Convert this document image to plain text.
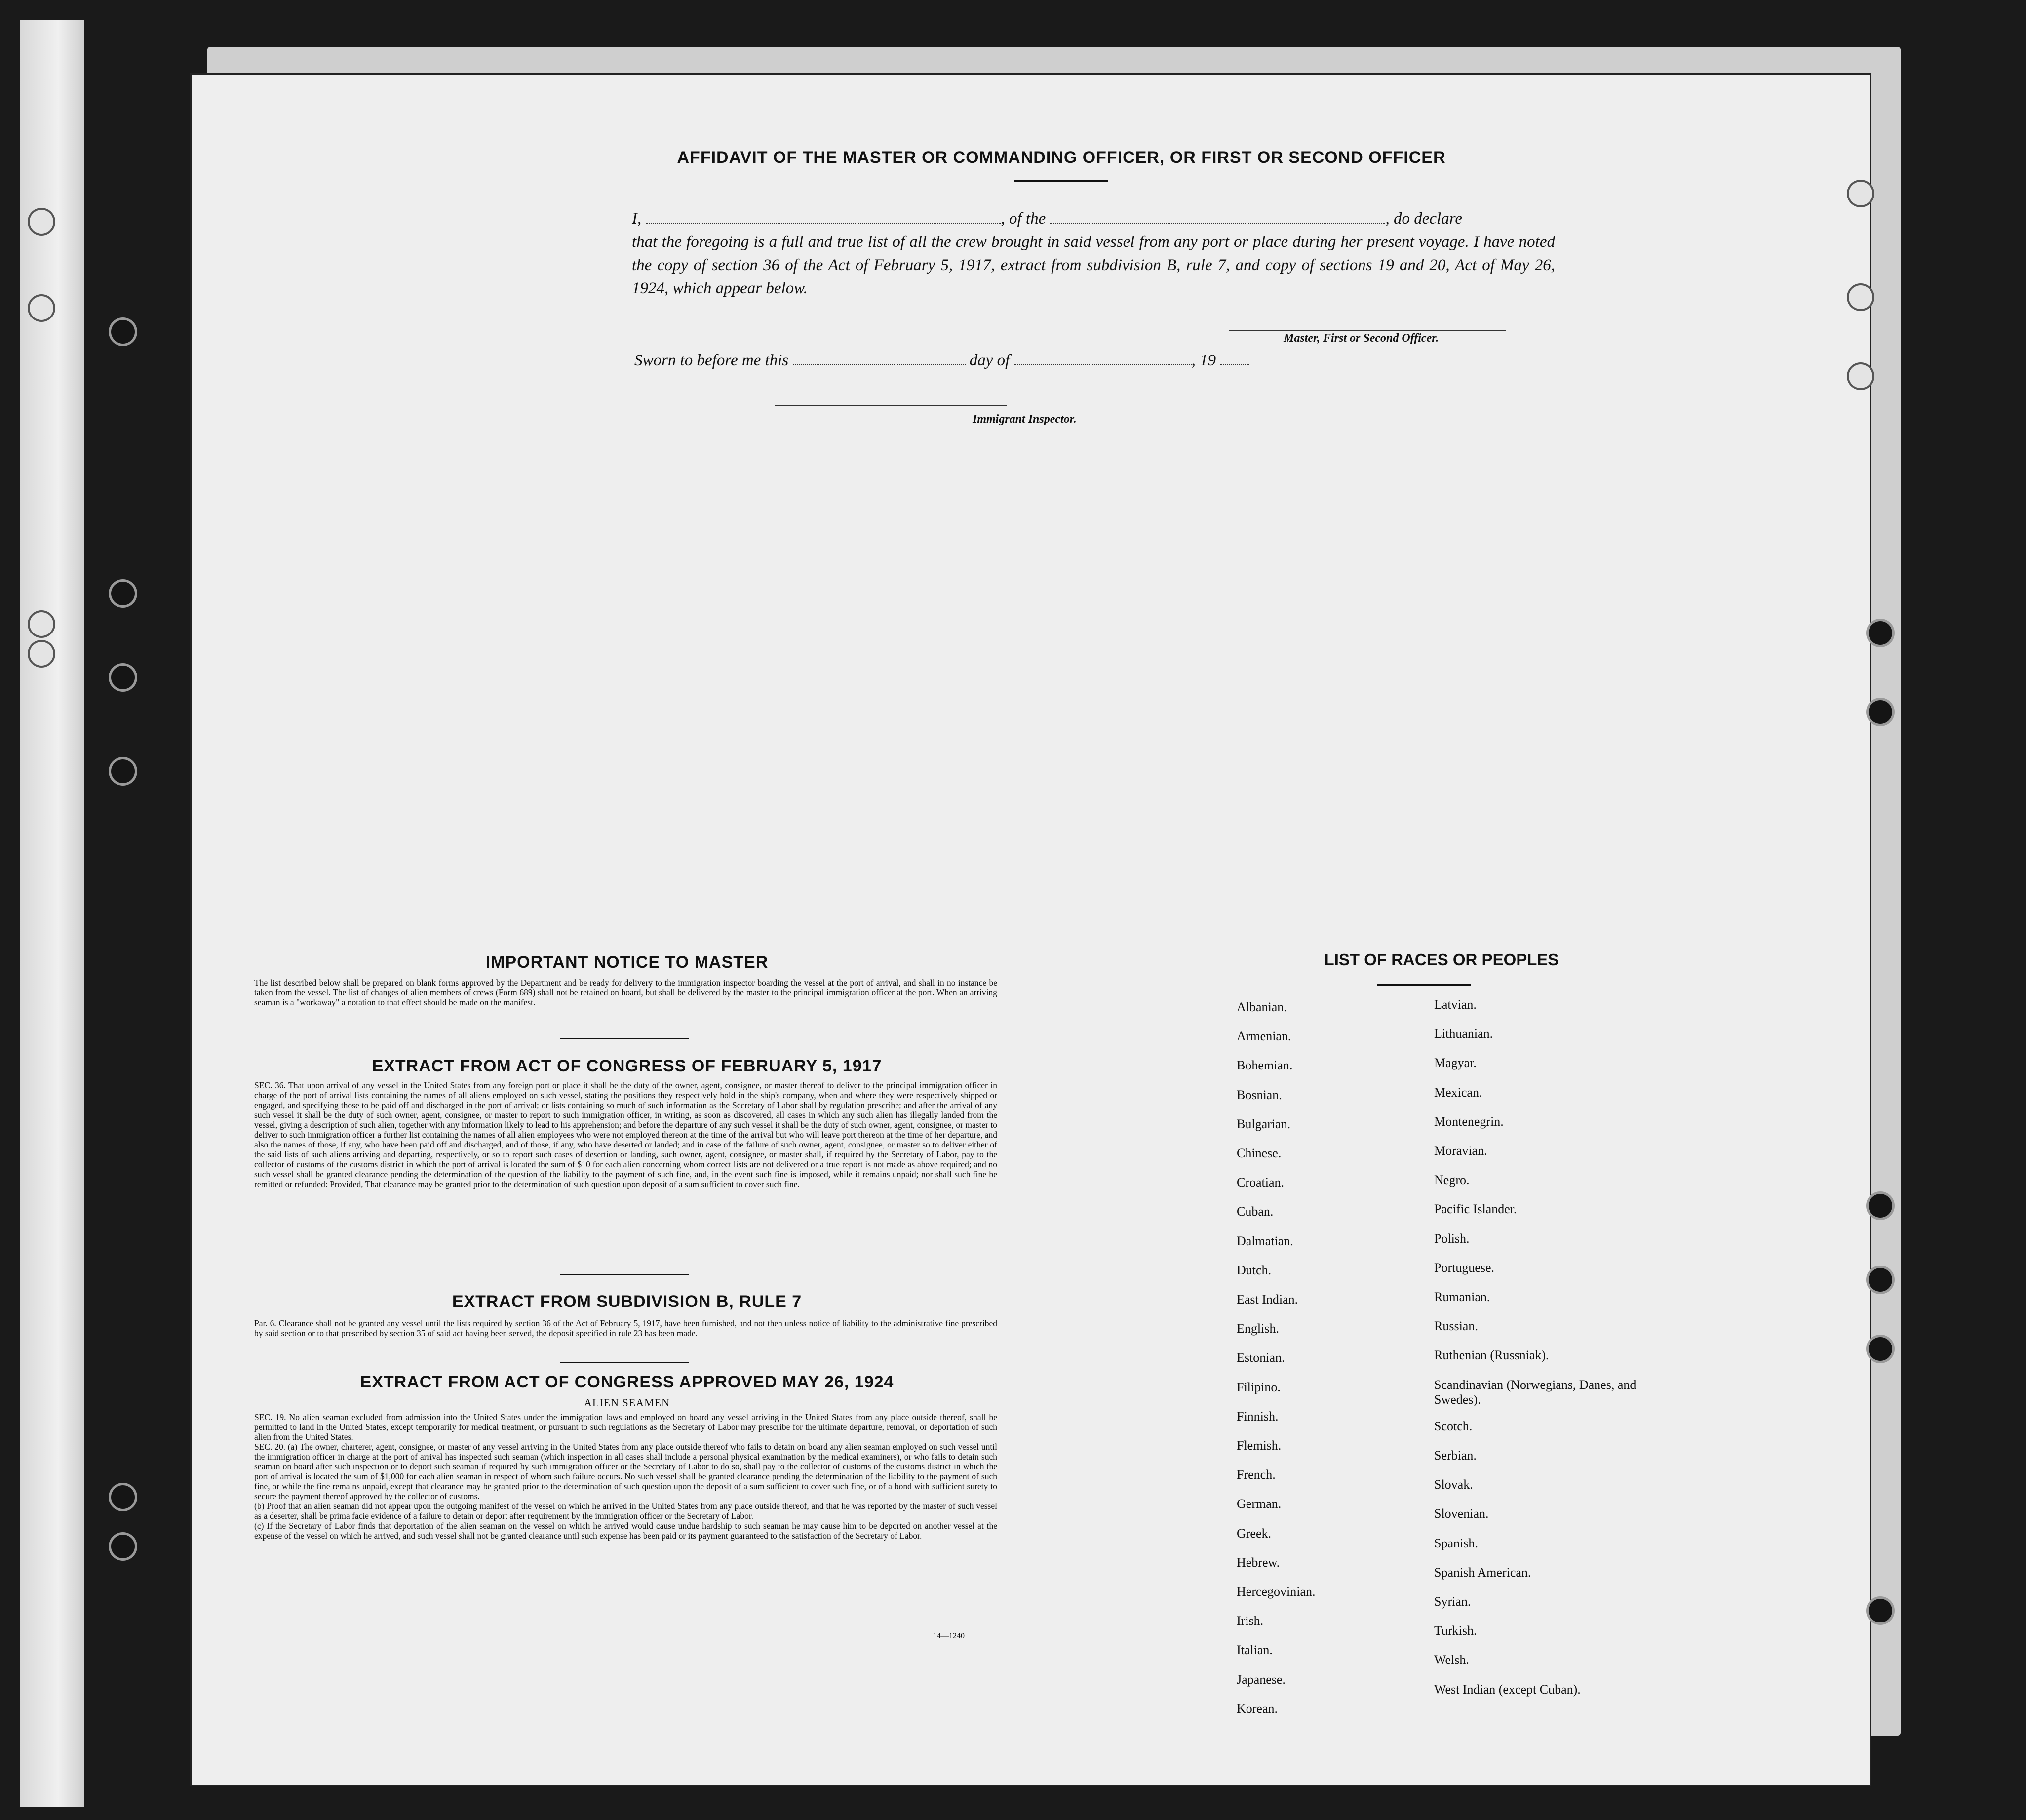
AFFIDAVIT OF THE MASTER OR COMMANDING OFFICER, OR FIRST OR SECOND OFFICER
I,	, of the	, do declare
that the foregoing is a full and true list of all the crew brought in said vessel from any port or place during her present voyage. I have noted the copy of section 36 of the Act of February 5, 1917, extract from subdivision B, rule 7, and copy of sections 19 and 20, Act of May 26, 1924, which appear below.
Master, First or Second Officer.
Sworn to before me this	day of	, 19
Immigrant Inspector.
IMPORTANT NOTICE TO MASTER
The list described below shall be prepared on blank forms approved by the Department and be ready for delivery to the immigration inspector boarding the vessel at the port of arrival, and shall in no instance be taken from the vessel. The list of changes of alien members of crews (Form 689) shall not be retained on board, but shall be delivered by the master to the principal immigration officer at the port. When an arriving seaman is a "workaway" a notation to that effect should be made on the manifest.
EXTRACT FROM ACT OF CONGRESS OF FEBRUARY 5, 1917
SEC. 36. That upon arrival of any vessel in the United States from any foreign port or place it shall be the duty of the owner, agent, consignee, or master thereof to deliver to the principal immigration officer in charge of the port of arrival lists containing the names of all aliens employed on such vessel, stating the positions they respectively hold in the ship's company, when and where they were respectively shipped or engaged, and specifying those to be paid off and discharged in the port of arrival; or lists containing so much of such information as the Secretary of Labor shall by regulation prescribe; and after the arrival of any such vessel it shall be the duty of such owner, agent, consignee, or master to report to such immigration officer, in writing, as soon as discovered, all cases in which any such alien has illegally landed from the vessel, giving a description of such alien, together with any information likely to lead to his apprehension; and before the departure of any such vessel it shall be the duty of such owner, agent, consignee, or master to deliver to such immigration officer a further list containing the names of all alien employees who were not employed thereon at the time of the arrival but who will leave port thereon at the time of her departure, and also the names of those, if any, who have been paid off and discharged, and of those, if any, who have deserted or landed; and in case of the failure of such owner, agent, consignee, or master so to deliver either of the said lists of such aliens arriving and departing, respectively, or so to report such cases of desertion or landing, such owner, agent, consignee, or master shall, if required by the Secretary of Labor, pay to the collector of customs of the customs district in which the port of arrival is located the sum of $10 for each alien concerning whom correct lists are not delivered or a true report is not made as above required; and no such vessel shall be granted clearance pending the determination of the question of the liability to the payment of such fine, and, in the event such fine is imposed, while it remains unpaid; nor shall such fine be remitted or refunded: Provided, That clearance may be granted prior to the determination of such question upon deposit of a sum sufficient to cover such fine.
EXTRACT FROM SUBDIVISION B, RULE 7
Par. 6. Clearance shall not be granted any vessel until the lists required by section 36 of the Act of February 5, 1917, have been furnished, and not then unless notice of liability to the administrative fine prescribed by said section or to that prescribed by section 35 of said act having been served, the deposit specified in rule 23 has been made.
EXTRACT FROM ACT OF CONGRESS APPROVED MAY 26, 1924
ALIEN SEAMEN
SEC. 19. No alien seaman excluded from admission into the United States under the immigration laws and employed on board any vessel arriving in the United States from any place outside thereof, shall be permitted to land in the United States, except temporarily for medical treatment, or pursuant to such regulations as the Secretary of Labor may prescribe for the ultimate departure, removal, or deportation of such alien from the United States.
SEC. 20. (a) The owner, charterer, agent, consignee, or master of any vessel arriving in the United States from any place outside thereof who fails to detain on board any alien seaman employed on such vessel until the immigration officer in charge at the port of arrival has inspected such seaman (which inspection in all cases shall include a personal physical examination by the medical examiners), or who fails to detain such seaman on board after such inspection or to deport such seaman if required by such immigration officer or the Secretary of Labor to do so, shall pay to the collector of customs of the customs district in which the port of arrival is located the sum of $1,000 for each alien seaman in respect of whom such failure occurs. No such vessel shall be granted clearance pending the determination of the liability to the payment of such fine, or while the fine remains unpaid, except that clearance may be granted prior to the determination of such question upon the deposit of a sum sufficient to cover such fine, or of a bond with sufficient surety to secure the payment thereof approved by the collector of customs.
(b) Proof that an alien seaman did not appear upon the outgoing manifest of the vessel on which he arrived in the United States from any place outside thereof, and that he was reported by the master of such vessel as a deserter, shall be prima facie evidence of a failure to detain or deport after requirement by the immigration officer or the Secretary of Labor.
(c) If the Secretary of Labor finds that deportation of the alien seaman on the vessel on which he arrived would cause undue hardship to such seaman he may cause him to be deported on another vessel at the expense of the vessel on which he arrived, and such vessel shall not be granted clearance until such expense has been paid or its payment guaranteed to the satisfaction of the Secretary of Labor.
14—1240
LIST OF RACES OR PEOPLES
Albanian.
Armenian.
Bohemian.
Bosnian.
Bulgarian.
Chinese.
Croatian.
Cuban.
Dalmatian.
Dutch.
East Indian.
English.
Estonian.
Filipino.
Finnish.
Flemish.
French.
German.
Greek.
Hebrew.
Hercegovinian.
Irish.
Italian.
Japanese.
Korean.
Latvian.
Lithuanian.
Magyar.
Mexican.
Montenegrin.
Moravian.
Negro.
Pacific Islander.
Polish.
Portuguese.
Rumanian.
Russian.
Ruthenian (Russniak).
Scandinavian (Norwegians, Danes, and Swedes).
Scotch.
Serbian.
Slovak.
Slovenian.
Spanish.
Spanish American.
Syrian.
Turkish.
Welsh.
West Indian (except Cuban).
